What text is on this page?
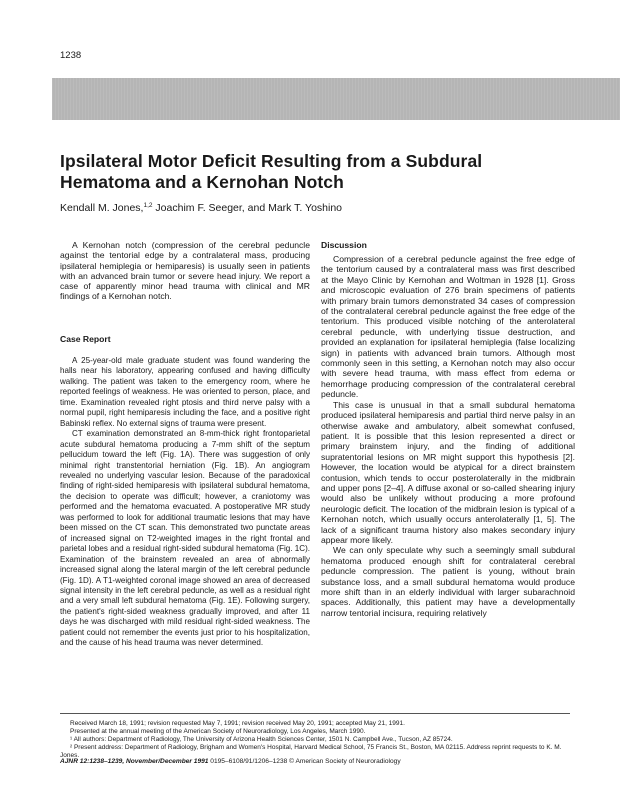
1238
Ipsilateral Motor Deficit Resulting from a Subdural Hematoma and a Kernohan Notch
Kendall M. Jones,$^{1,2}$ Joachim F. Seeger, and Mark T. Yoshino

A Kernohan notch (compression of the cerebral peduncle against the tentorial edge by a contralateral mass, producing ipsilateral hemiplegia or hemiparesis) is usually seen in patients with an advanced brain tumor or severe head injury. We report a case of apparently minor head trauma with clinical and MR findings of a Kernohan notch.

Case Report

A 25-year-old male graduate student was found wandering the halls near his laboratory, appearing confused and having difficulty walking. The patient was taken to the emergency room, where he reported feelings of weakness. He was oriented to person, place, and time. Examination revealed right ptosis and third nerve palsy with a normal pupil, right hemiparesis including the face, and a positive right Babinski reflex. No external signs of trauma were present.

CT examination demonstrated an 8-mm-thick right frontoparietal acute subdural hematoma producing a 7-mm shift of the septum pellucidum toward the left (Fig. 1A). There was suggestion of only minimal right transtentorial herniation (Fig. 1B). An angiogram revealed no underlying vascular lesion. Because of the paradoxical finding of right-sided hemiparesis with ipsilateral subdural hematoma, the decision to operate was difficult; however, a craniotomy was performed and the hematoma evacuated. A postoperative MR study was performed to look for additional traumatic lesions that may have been missed on the CT scan. This demonstrated two punctate areas of increased signal on T2-weighted images in the right frontal and parietal lobes and a residual right-sided subdural hematoma (Fig. 1C). Examination of the brainstem revealed an area of abnormally increased signal along the lateral margin of the left cerebral peduncle (Fig. 1D). A T1-weighted coronal image showed an area of decreased signal intensity in the left cerebral peduncle, as well as a residual right and a very small left subdural hematoma (Fig. 1E). Following surgery, the patient's right-sided weakness gradually improved, and after 11 days he was discharged with mild residual right-sided weakness. The patient could not remember the events just prior to his hospitalization, and the cause of his head trauma was never determined.

Discussion

Compression of a cerebral peduncle against the free edge of the tentorium caused by a contralateral mass was first described at the Mayo Clinic by Kernohan and Woltman in 1928 [1]. Gross and microscopic evaluation of 276 brain specimens of patients with primary brain tumors demonstrated 34 cases of compression of the contralateral cerebral peduncle against the free edge of the tentorium. This produced visible notching of the anterolateral cerebral peduncle, with underlying tissue destruction, and provided an explanation for ipsilateral hemiplegia (false localizing sign) in patients with advanced brain tumors. Although most commonly seen in this setting, a Kernohan notch may also occur with severe head trauma, with mass effect from edema or hemorrhage producing compression of the contralateral cerebral peduncle.

This case is unusual in that a small subdural hematoma produced ipsilateral hemiparesis and partial third nerve palsy in an otherwise awake and ambulatory, albeit somewhat confused, patient. It is possible that this lesion represented a direct or primary brainstem injury, and the finding of additional supratentorial lesions on MR might support this hypothesis [2]. However, the location would be atypical for a direct brainstem contusion, which tends to occur posterolaterally in the midbrain and upper pons [2–4]. A diffuse axonal or so-called shearing injury would also be unlikely without producing a more profound neurologic deficit. The location of the midbrain lesion is typical of a Kernohan notch, which usually occurs anterolaterally [1, 5]. The lack of a significant trauma history also makes secondary injury appear more likely.

We can only speculate why such a seemingly small subdural hematoma produced enough shift for contralateral cerebral peduncle compression. The patient is young, without brain substance loss, and a small subdural hematoma would produce more shift than in an elderly individual with larger subarachnoid spaces. Additionally, this patient may have a developmentally narrow tentorial incisura, requiring relatively

Received March 18, 1991; revision requested May 7, 1991; revision received May 20, 1991; accepted May 21, 1991.
Presented at the annual meeting of the American Society of Neuroradiology, Los Angeles, March 1990.
¹ All authors: Department of Radiology, The University of Arizona Health Sciences Center, 1501 N. Campbell Ave., Tucson, AZ 85724.
² Present address: Department of Radiology, Brigham and Women's Hospital, Harvard Medical School, 75 Francis St., Boston, MA 02115. Address reprint requests to K. M. Jones.
AJNR 12:1238–1239, November/December 1991 0195–6108/91/1206–1238 © American Society of Neuroradiology
